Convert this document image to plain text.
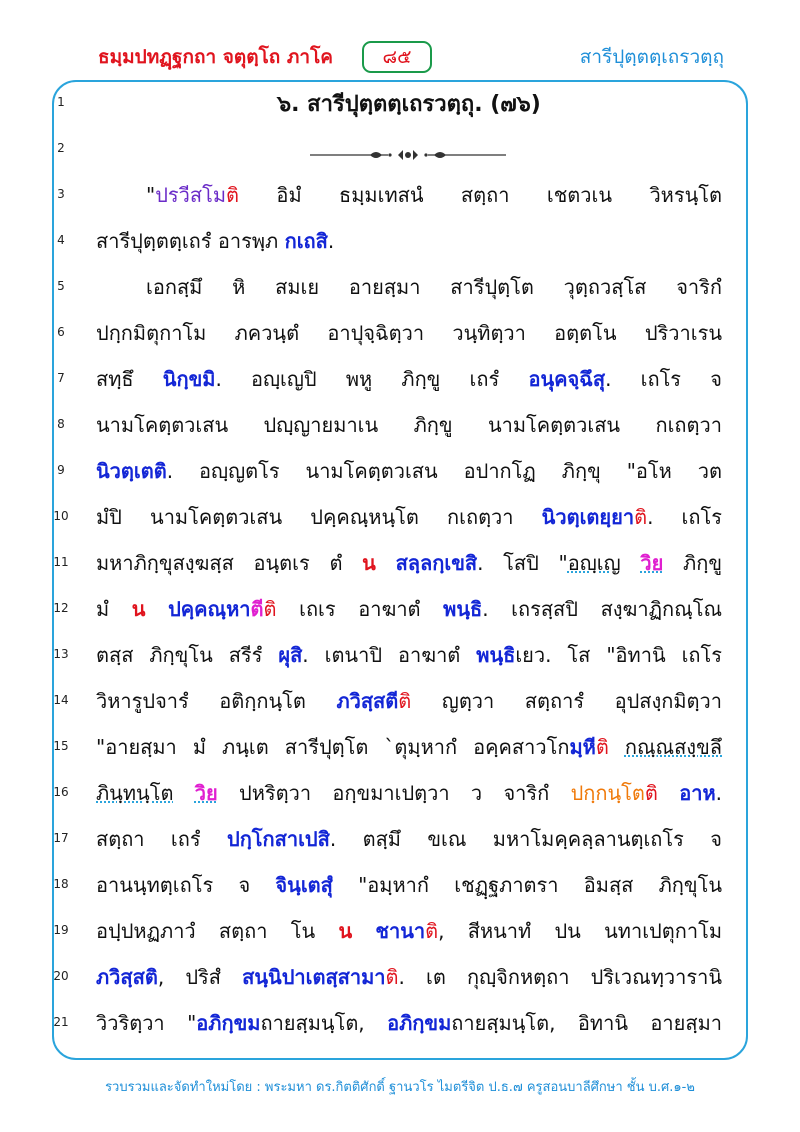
ธมฺมปทฏฺฐกถา จตุตฺโถ ภาโค	๘๕	สารีปุตฺตตฺเถรวตฺถุ
1	๖. สารีปุตฺตตฺเถรวตฺถุ. (๗๖)
2
3	"ปรวีสโมติ อิมํ ธมฺมเทสนํ สตฺถา เชตวเน วิหรนฺโต
4	สารีปุตฺตตฺเถรํ อารพฺภ กเถสิ.
5	เอกสฺมึ หิ สมเย อายสฺมา สารีปุตฺโต วุตฺถวสฺโส จาริกํ
6	ปกฺกมิตุกาโม ภควนฺตํ อาปุจฺฉิตฺวา วนฺทิตฺวา อตฺตโน ปริวาเรน
7	สทฺธึ นิกฺขมิ. อญฺเญปิ พหู ภิกฺขู เถรํ อนุคจฺฉึสุ. เถโร จ
8	นามโคตฺตวเสน ปญฺญายมาเน ภิกฺขู นามโคตฺตวเสน กเถตฺวา
9	นิวตฺเตติ. อญฺญตโร นามโคตฺตวเสน อปากโฏ ภิกฺขุ "อโห วต
10	มํปิ นามโคตฺตวเสน ปคฺคณฺหนฺโต กเถตฺวา นิวตฺเตยฺยาติ. เถโร
11	มหาภิกฺขุสงฺฆสฺส อนฺตเร ตํ น สลฺลกฺเขสิ. โสปิ "อญฺเญ วิย ภิกฺขู
12	มํ น ปคฺคณฺหาตีติ เถเร อาฆาตํ พนฺธิ. เถรสฺสปิ สงฺฆาฏิกณฺโณ
13	ตสฺส ภิกฺขุโน สรีรํ ผุสิ. เตนาปิ อาฆาตํ พนฺธิเยว. โส "อิทานิ เถโร
14	วิหารูปจารํ อติกฺกนฺโต ภวิสฺสตีติ ญตฺวา สตฺถารํ อุปสงฺกมิตฺวา
15	"อายสฺมา มํ ภนฺเต สารีปุตฺโต `ตุมฺหากํ อคฺคสาวโกมฺหีติ กณฺณสงฺขลึ
16	ภินฺทนฺโต วิย ปหริตฺวา อกฺขมาเปตฺวา ว จาริกํ ปกฺกนฺโตติ อาห.
17	สตฺถา เถรํ ปกฺโกสาเปสิ. ตสฺมึ ขเณ มหาโมคฺคลฺลานตฺเถโร จ
18	อานนฺทตฺเถโร จ จินฺเตสุํ "อมฺหากํ เชฏฺฐภาตรา อิมสฺส ภิกฺขุโน
19	อปฺปหฏภาวํ สตฺถา โน น ชานาติ, สีหนาทํ ปน นทาเปตุกาโม
20	ภวิสฺสติ, ปริสํ สนฺนิปาเตสฺสามาติ. เต กุญฺจิกหตฺถา ปริเวณทฺวารานิ
21	วิวริตฺวา "อภิกฺขมถายสฺมนฺโต, อภิกฺขมถายสฺมนฺโต, อิทานิ อายสฺมา
รวบรวมและจัดทำใหม่โดย : พระมหา ดร.กิตติศักดิ์ ฐานวโร ไมตรีจิต ป.ธ.๗ ครูสอนบาลีศึกษา ชั้น บ.ศ.๑-๒
